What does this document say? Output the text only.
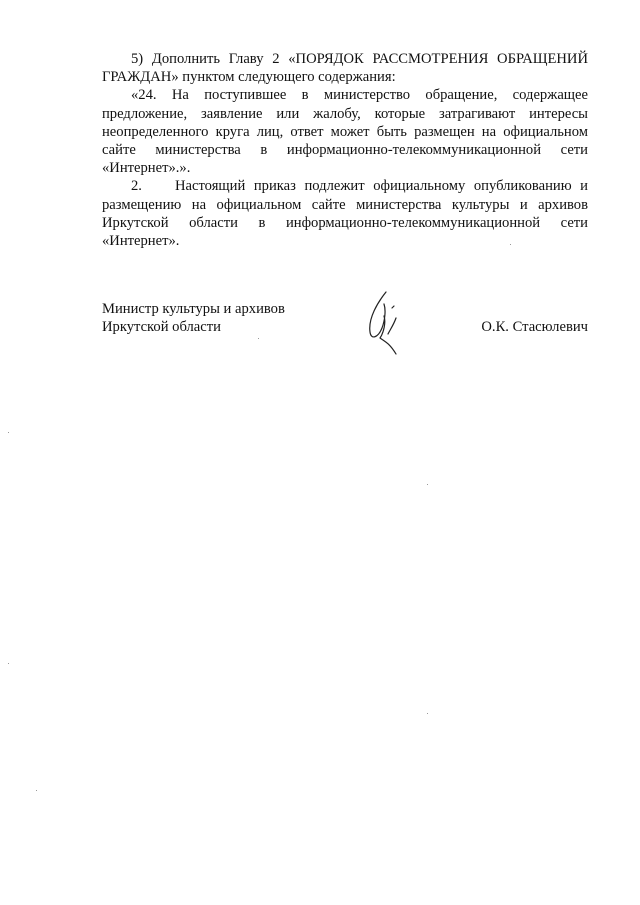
5) Дополнить Главу 2 «ПОРЯДОК РАССМОТРЕНИЯ ОБРАЩЕНИЙ ГРАЖДАН» пунктом следующего содержания:

«24. На поступившее в министерство обращение, содержащее предложение, заявление или жалобу, которые затрагивают интересы неопределенного круга лиц, ответ может быть размещен на официальном сайте министерства в информационно-телекоммуникационной сети «Интернет».».

2. Настоящий приказ подлежит официальному опубликованию и размещению на официальном сайте министерства культуры и архивов Иркутской области в информационно-телекоммуникационной сети «Интернет».

Министр культуры и архивов

Иркутской области	О.К. Стасюлевич
